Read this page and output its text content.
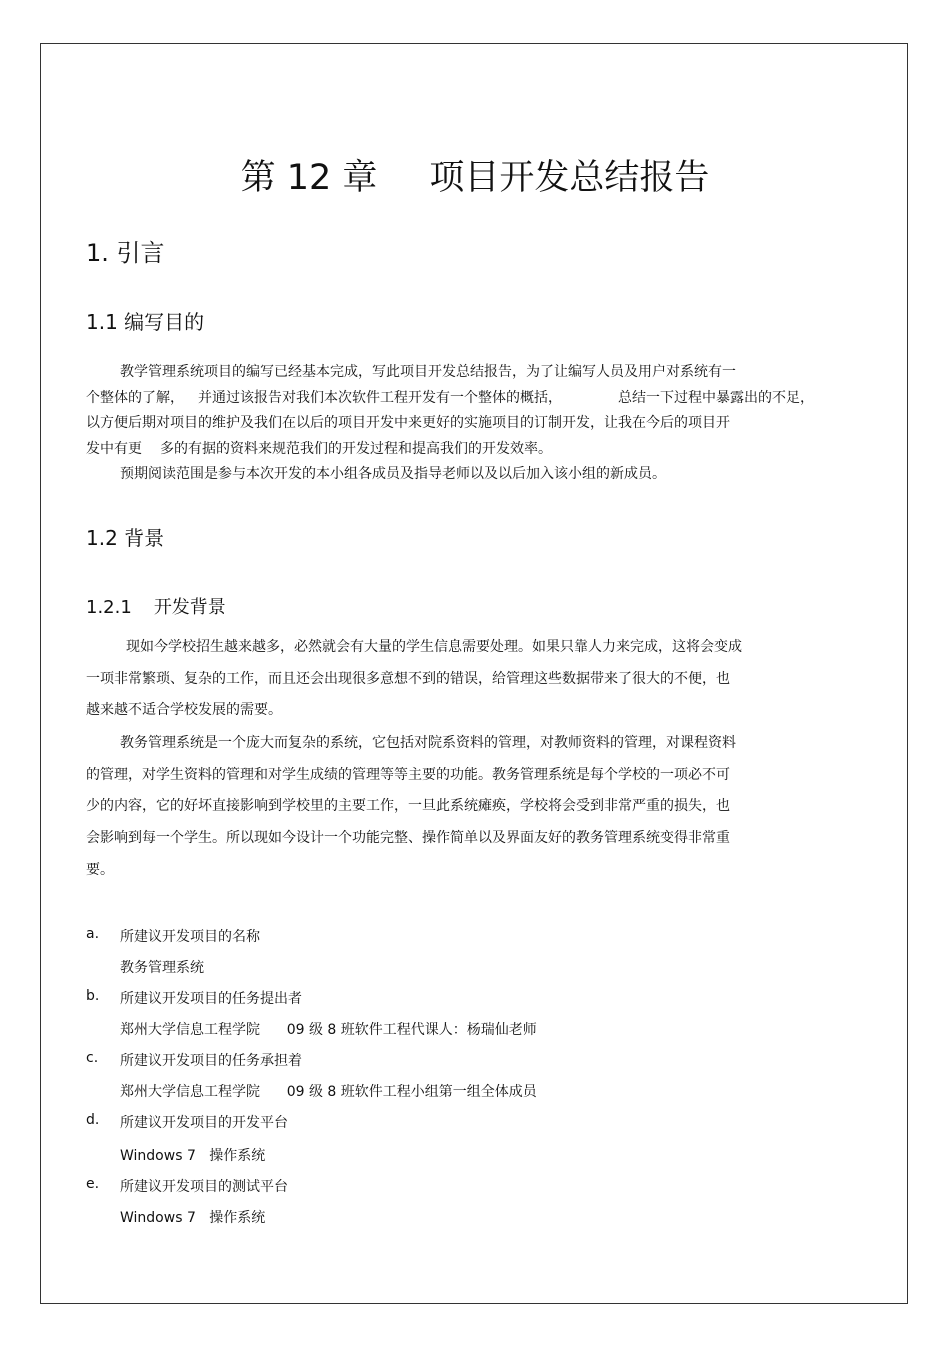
第 12 章 项目开发总结报告
1. 引言
1.1 编写目的
教学管理系统项目的编写已经基本完成，写此项目开发总结报告，为了让编写人员及用户对系统有一
个整体的了解， 并通过该报告对我们本次软件工程开发有一个整体的概括，	总结一下过程中暴露出的不足，
以方便后期对项目的维护及我们在以后的项目开发中来更好的实施项目的订制开发，让我在今后的项目开
发中有更 多的有据的资料来规范我们的开发过程和提高我们的开发效率。
预期阅读范围是参与本次开发的本小组各成员及指导老师以及以后加入该小组的新成员。
1.2 背景
1.2.1 开发背景
现如今学校招生越来越多，必然就会有大量的学生信息需要处理。如果只靠人力来完成，这将会变成
一项非常繁琐、复杂的工作，而且还会出现很多意想不到的错误，给管理这些数据带来了很大的不便，也
越来越不适合学校发展的需要。
教务管理系统是一个庞大而复杂的系统，它包括对院系资料的管理，对教师资料的管理，对课程资料
的管理，对学生资料的管理和对学生成绩的管理等等主要的功能。教务管理系统是每个学校的一项必不可
少的内容，它的好坏直接影响到学校里的主要工作，一旦此系统瘫痪，学校将会受到非常严重的损失，也
会影响到每一个学生。所以现如今设计一个功能完整、操作简单以及界面友好的教务管理系统变得非常重
要。
a. 所建议开发项目的名称
教务管理系统
b. 所建议开发项目的任务提出者
郑州大学信息工程学院      09 级 8 班软件工程代课人：杨瑞仙老师
c. 所建议开发项目的任务承担着
郑州大学信息工程学院      09 级 8 班软件工程小组第一组全体成员
d. 所建议开发项目的开发平台
Windows 7   操作系统
e. 所建议开发项目的测试平台
Windows 7   操作系统
